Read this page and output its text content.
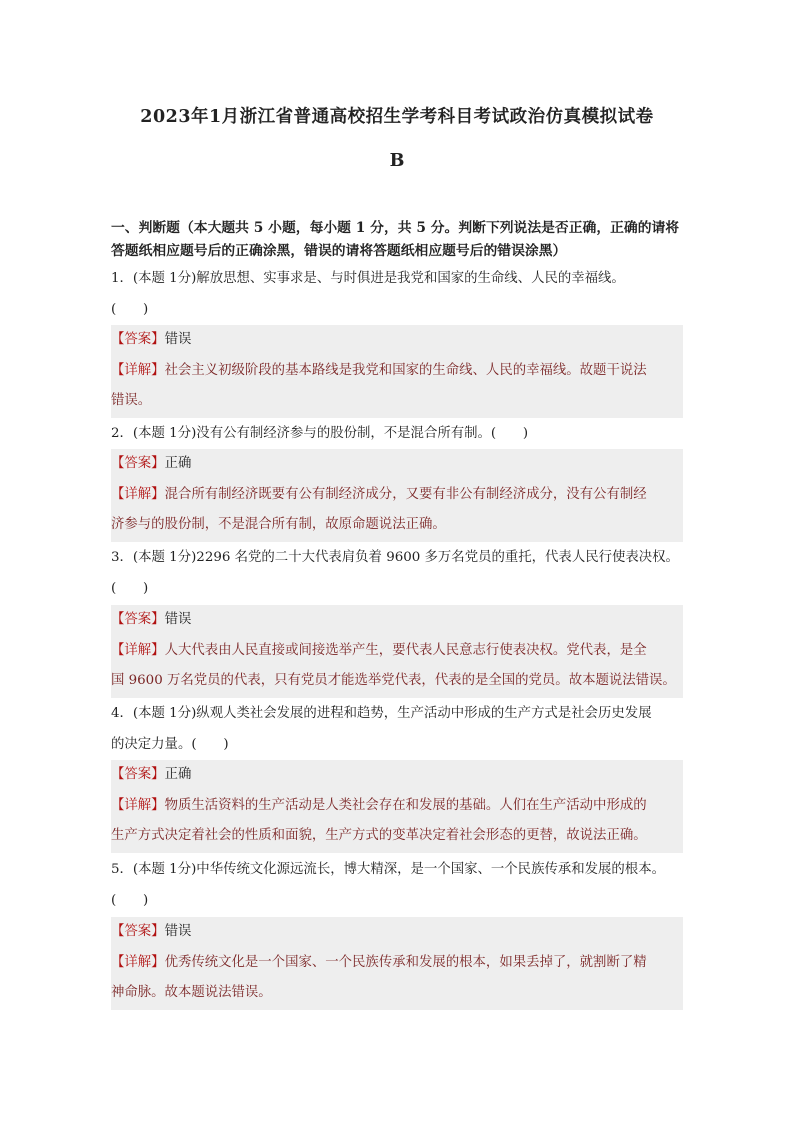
2023年1月浙江省普通高校招生学考科目考试政治仿真模拟试卷
B
一、判断题（本大题共 5 小题，每小题 1 分，共 5 分。判断下列说法是否正确，正确的请将
答题纸相应题号后的正确涂黑，错误的请将答题纸相应题号后的错误涂黑）
1．(本题 1分)解放思想、实事求是、与时俱进是我党和国家的生命线、人民的幸福线。
(　　)
【答案】错误
【详解】社会主义初级阶段的基本路线是我党和国家的生命线、人民的幸福线。故题干说法
错误。
2．(本题 1分)没有公有制经济参与的股份制，不是混合所有制。(　　)
【答案】正确
【详解】混合所有制经济既要有公有制经济成分，又要有非公有制经济成分，没有公有制经
济参与的股份制，不是混合所有制，故原命题说法正确。
3．(本题 1分)2296 名党的二十大代表肩负着 9600 多万名党员的重托，代表人民行使表决权。
(　　)
【答案】错误
【详解】人大代表由人民直接或间接选举产生，要代表人民意志行使表决权。党代表，是全
国 9600 万名党员的代表，只有党员才能选举党代表，代表的是全国的党员。故本题说法错误。
4．(本题 1分)纵观人类社会发展的进程和趋势，生产活动中形成的生产方式是社会历史发展
的决定力量。(　　)
【答案】正确
【详解】物质生活资料的生产活动是人类社会存在和发展的基础。人们在生产活动中形成的
生产方式决定着社会的性质和面貌，生产方式的变革决定着社会形态的更替，故说法正确。
5．(本题 1分)中华传统文化源远流长，博大精深，是一个国家、一个民族传承和发展的根本。
(　　)
【答案】错误
【详解】优秀传统文化是一个国家、一个民族传承和发展的根本，如果丢掉了，就割断了精
神命脉。故本题说法错误。
